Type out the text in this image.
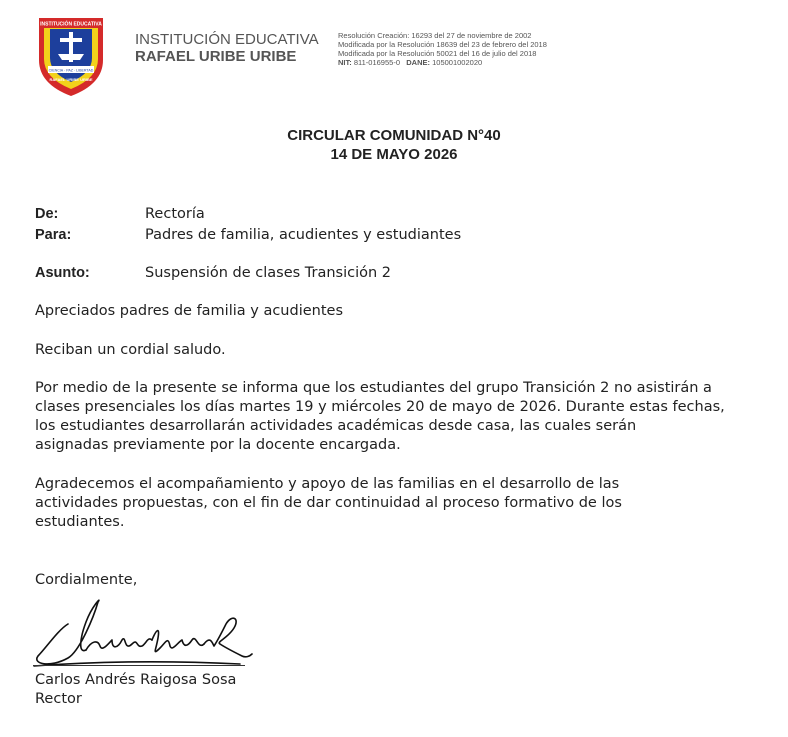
INSTITUCIÓN EDUCATIVA
CIENCIA · PAZ · LIBERTAD
RAFAEL URIBE URIBE
INSTITUCIÓN EDUCATIVA
RAFAEL URIBE URIBE
Resolución Creación: 16293 del 27 de noviembre de 2002
Modificada por la Resolución 18639 del 23 de febrero del 2018
Modificada por la Resolución 50021 del 16 de julio del 2018
NIT: 811-016955-0 DANE: 105001002020
CIRCULAR COMUNIDAD N°40
14 DE MAYO 2026
De:	Rectoría
Para:	Padres de familia, acudientes y estudiantes
Asunto:	Suspensión de clases Transición 2
Apreciados padres de familia y acudientes
Reciban un cordial saludo.
Por medio de la presente se informa que los estudiantes del grupo Transición 2 no asistirán a
clases presenciales los días martes 19 y miércoles 20 de mayo de 2026. Durante estas fechas,
los estudiantes desarrollarán actividades académicas desde casa, las cuales serán
asignadas previamente por la docente encargada.
Agradecemos el acompañamiento y apoyo de las familias en el desarrollo de las
actividades propuestas, con el fin de dar continuidad al proceso formativo de los
estudiantes.
Cordialmente,
Carlos Andrés Raigosa Sosa
Rector
